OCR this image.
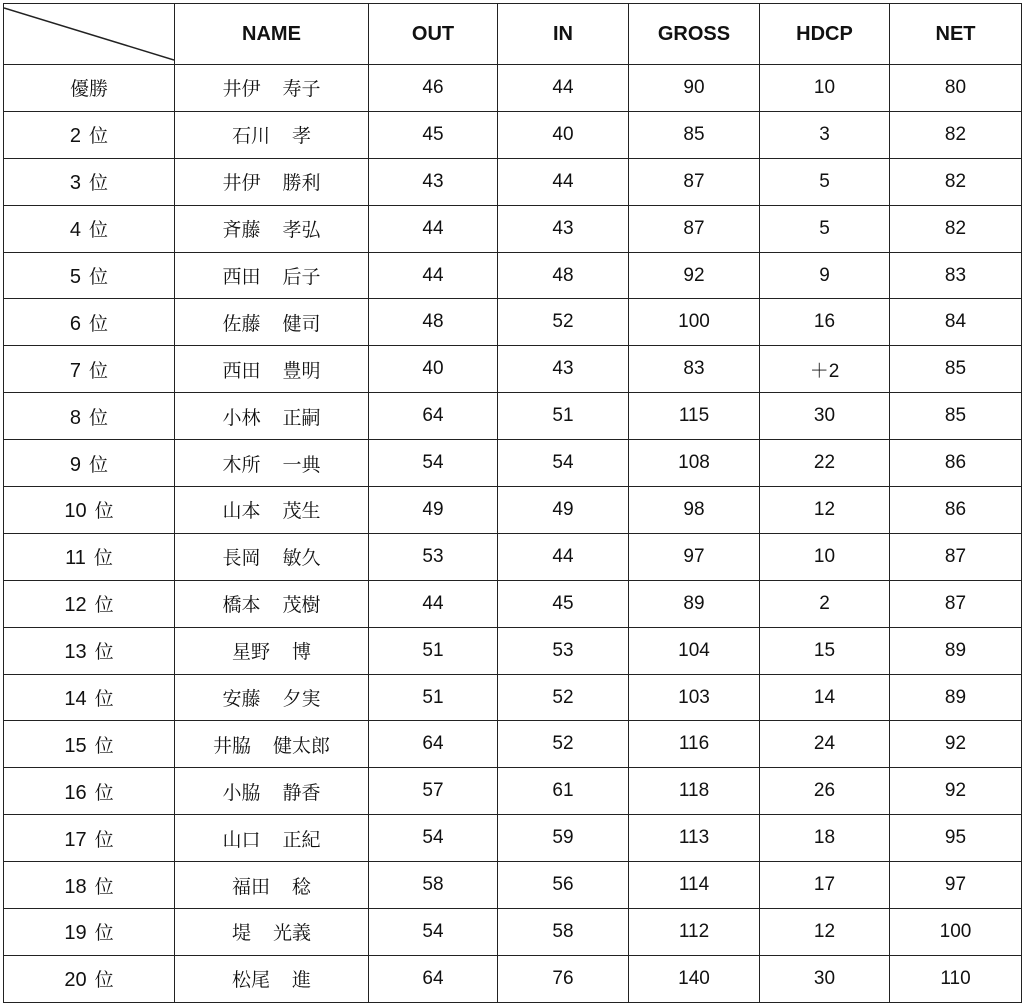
	NAME	OUT	IN	GROSS	HDCP	NET
優勝	井伊 寿子	46	44	90	10	80
2 位	石川 孝	45	40	85	3	82
3 位	井伊 勝利	43	44	87	5	82
4 位	斉藤 孝弘	44	43	87	5	82
5 位	西田 后子	44	48	92	9	83
6 位	佐藤 健司	48	52	100	16	84
7 位	西田 豊明	40	43	83	＋2	85
8 位	小林 正嗣	64	51	115	30	85
9 位	木所 一典	54	54	108	22	86
10 位	山本 茂生	49	49	98	12	86
11 位	長岡 敏久	53	44	97	10	87
12 位	橋本 茂樹	44	45	89	2	87
13 位	星野 博	51	53	104	15	89
14 位	安藤 夕実	51	52	103	14	89
15 位	井脇 健太郎	64	52	116	24	92
16 位	小脇 静香	57	61	118	26	92
17 位	山口 正紀	54	59	113	18	95
18 位	福田 稔	58	56	114	17	97
19 位	堤 光義	54	58	112	12	100
20 位	松尾 進	64	76	140	30	110
